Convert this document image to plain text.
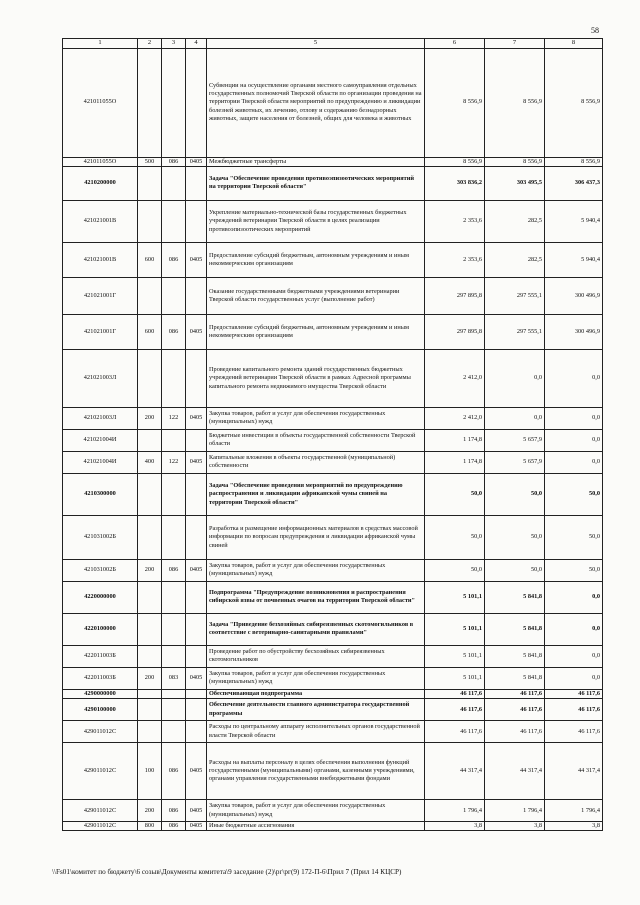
58
1	2	3	4	5	6	7	8
421011055О				Субвенции на осуществление органами местного самоуправления отдельных государственных полномочий Тверской области по организации проведения на территории Тверской области мероприятий по предупреждению и ликвидации болезней животных, их лечению, отлову и содержанию безнадзорных животных, защите населения от болезней, общих для человека и животных	8 556,9	8 556,9	8 556,9
421011055О	500	086	0405	Межбюджетные трансферты	8 556,9	8 556,9	8 556,9
4210200000				Задача "Обеспечение проведения противоэпизоотических мероприятий на территории Тверской области"	303 836,2	303 495,5	306 437,3
421021001В				Укрепление материально-технической базы государственных бюджетных учреждений ветеринарии Тверской области в целях реализации противоэпизоотических мероприятий	2 353,6	282,5	5 940,4
421021001В	600	086	0405	Предоставление субсидий бюджетным, автономным учреждениям и иным некоммерческим организациям	2 353,6	282,5	5 940,4
421021001Г				Оказание государственными бюджетными учреждениями ветеринарии Тверской области государственных услуг (выполнение работ)	297 895,8	297 555,1	300 496,9
421021001Г	600	086	0405	Предоставление субсидий бюджетным, автономным учреждениям и иным некоммерческим организациям	297 895,8	297 555,1	300 496,9
421021003Л				Проведение капитального ремонта зданий государственных бюджетных учреждений ветеринарии Тверской области в рамках Адресной программы капитального ремонта недвижимого имущества Тверской области	2 412,0	0,0	0,0
421021003Л	200	122	0405	Закупка товаров, работ и услуг для обеспечения государственных (муниципальных) нужд	2 412,0	0,0	0,0
421021004И				Бюджетные инвестиции в объекты государственной собственности Тверской области	1 174,8	5 657,9	0,0
421021004И	400	122	0405	Капитальные вложения в объекты государственной (муниципальной) собственности	1 174,8	5 657,9	0,0
4210300000				Задача "Обеспечение проведения мероприятий по предупреждению распространения и ликвидации африканской чумы свиней на территории Тверской области"	50,0	50,0	50,0
421031002Б				Разработка и размещение информационных материалов в средствах массовой информации по вопросам предупреждения и ликвидации африканской чумы свиней	50,0	50,0	50,0
421031002Б	200	086	0405	Закупка товаров, работ и услуг для обеспечения государственных (муниципальных) нужд	50,0	50,0	50,0
4220000000				Подпрограмма "Предупреждение возникновения и распространения сибирской язвы от почвенных очагов на территории Тверской области"	5 101,1	5 841,8	0,0
4220100000				Задача "Приведение безхозяйных сибиреязвенных скотомогильников в соответствие с ветеринарно-санитарными правилами"	5 101,1	5 841,8	0,0
422011003Б				Проведение работ по обустройству бесхозяйных сибиреязвенных скотомогильников	5 101,1	5 841,8	0,0
422011003Б	200	083	0405	Закупка товаров, работ и услуг для обеспечения государственных (муниципальных) нужд	5 101,1	5 841,8	0,0
4290000000				Обеспечивающая подпрограмма	46 117,6	46 117,6	46 117,6
4290100000				Обеспечение деятельности главного администратора государственной программы	46 117,6	46 117,6	46 117,6
429011012С				Расходы по центральному аппарату исполнительных органов государственной власти Тверской области	46 117,6	46 117,6	46 117,6
429011012С	100	086	0405	Расходы на выплаты персоналу в целях обеспечения выполнения функций государственными (муниципальными) органами, казенными учреждениями, органами управления государственными внебюджетными фондами	44 317,4	44 317,4	44 317,4
429011012С	200	086	0405	Закупка товаров, работ и услуг для обеспечения государственных (муниципальных) нужд	1 796,4	1 796,4	1 796,4
429011012С	800	086	0405	Иные бюджетные ассигнования	3,8	3,8	3,8
\\Fs01\комитет по бюджету\6 созыв\Документы комитета\9 заседание (2)\рг\рг(9) 172-П-6\Прил 7 (Прил 14 КЦСР)
